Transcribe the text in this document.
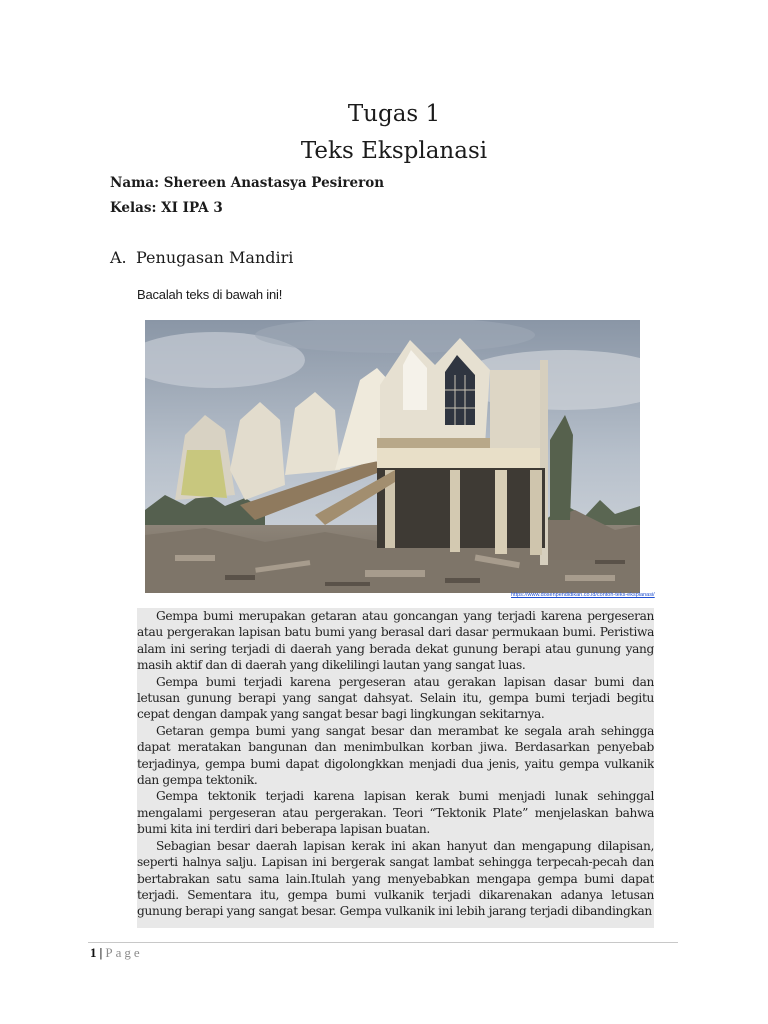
Tugas 1
Teks Eksplanasi

Nama: Shereen Anastasya Pesireron

Kelas: XI IPA 3

A. Penugasan Mandiri

Bacalah teks di bawah ini!

https://www.dosenpendidikan.co.id/contoh-teks-eksplanasi/

Gempa bumi merupakan getaran atau goncangan yang terjadi karena pergeseran atau pergerakan lapisan batu bumi yang berasal dari dasar permukaan bumi. Peristiwa alam ini sering terjadi di daerah yang berada dekat gunung berapi atau gunung yang masih aktif dan di daerah yang dikelilingi lautan yang sangat luas.

Gempa bumi terjadi karena pergeseran atau gerakan lapisan dasar bumi dan letusan gunung berapi yang sangat dahsyat. Selain itu, gempa bumi terjadi begitu cepat dengan dampak yang sangat besar bagi lingkungan sekitarnya.

Getaran gempa bumi yang sangat besar dan merambat ke segala arah sehingga dapat meratakan bangunan dan menimbulkan korban jiwa. Berdasarkan penyebab terjadinya, gempa bumi dapat digolongkkan menjadi dua jenis, yaitu gempa vulkanik dan gempa tektonik.

Gempa tektonik terjadi karena lapisan kerak bumi menjadi lunak sehinggal mengalami pergeseran atau pergerakan. Teori “Tektonik Plate” menjelaskan bahwa bumi kita ini terdiri dari beberapa lapisan buatan.

Sebagian besar daerah lapisan kerak ini akan hanyut dan mengapung dilapisan, seperti halnya salju. Lapisan ini bergerak sangat lambat sehingga terpecah-pecah dan bertabrakan satu sama lain.Itulah yang menyebabkan mengapa gempa bumi dapat terjadi. Sementara itu, gempa bumi vulkanik terjadi dikarenakan adanya letusan gunung berapi yang sangat besar. Gempa vulkanik ini lebih jarang terjadi dibandingkan

1 | Page
